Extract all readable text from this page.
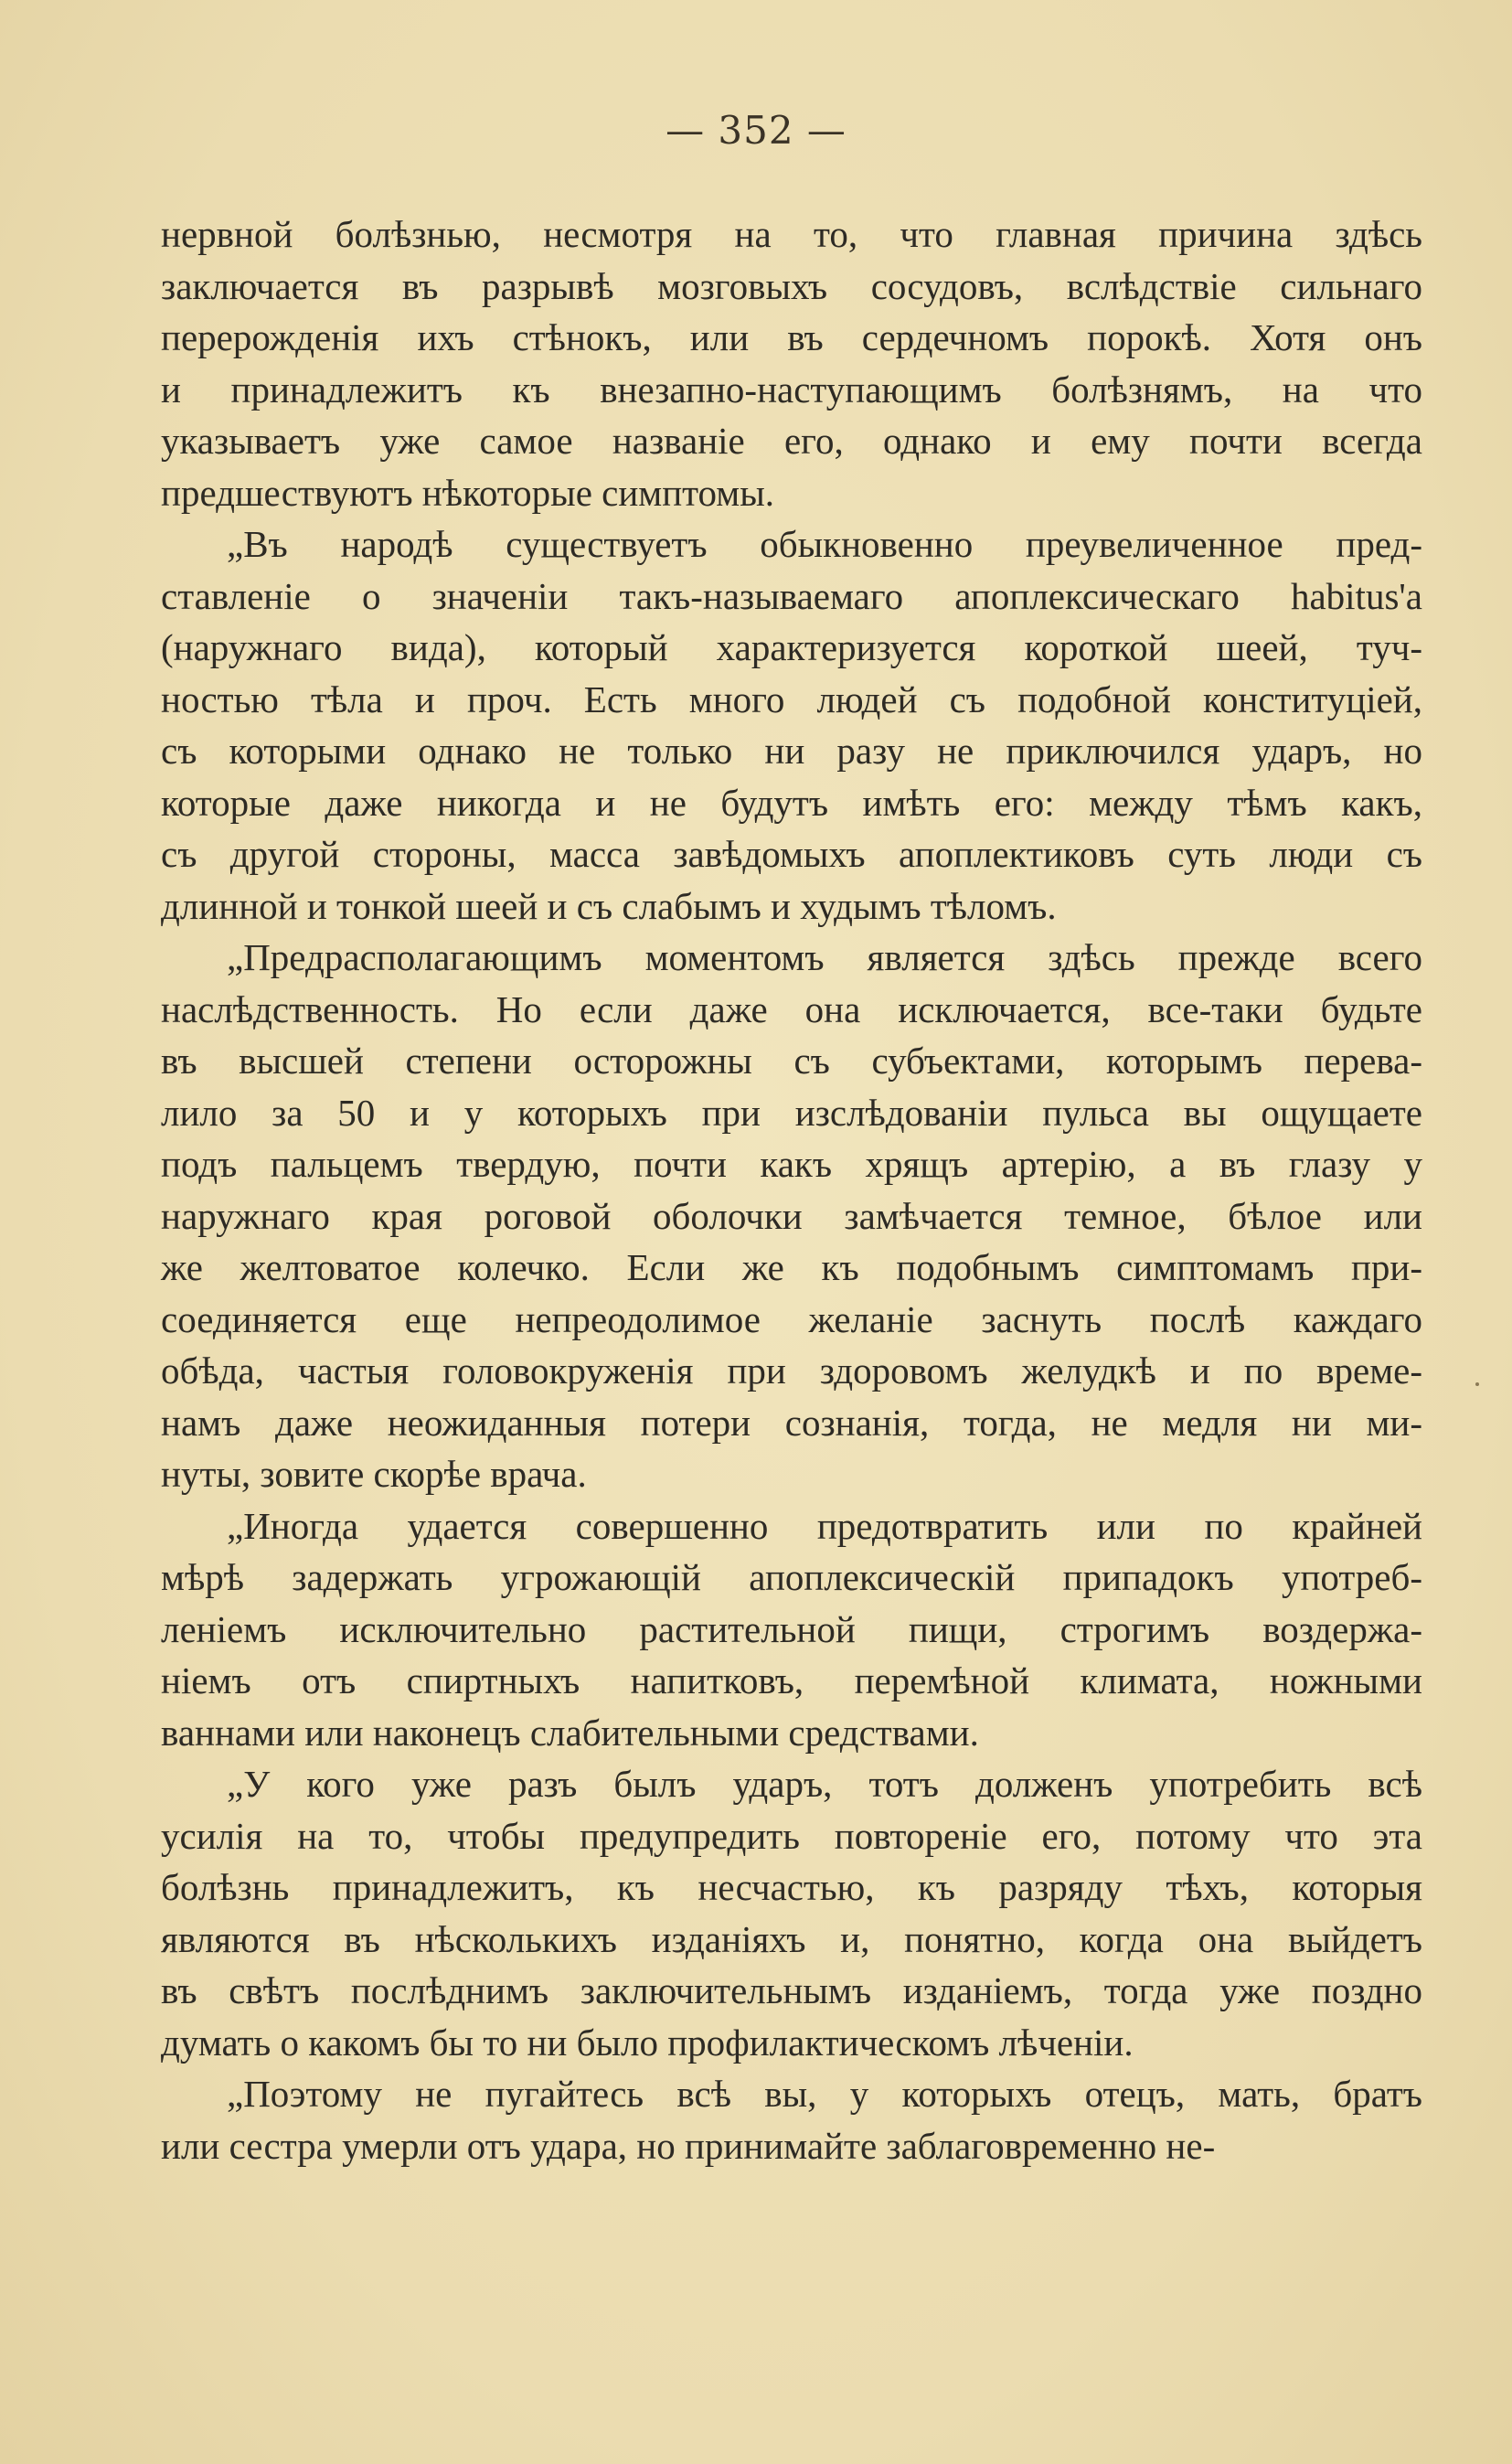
— 352 —
нервной болѣзнью, несмотря на то, что главная причина здѣсь
заключается въ разрывѣ мозговыхъ сосудовъ, вслѣдствіе сильнаго
перерожденія ихъ стѣнокъ, или въ сердечномъ порокѣ. Хотя онъ
и принадлежитъ къ внезапно-наступающимъ болѣзнямъ, на что
указываетъ уже самое названіе его, однако и ему почти всегда
предшествуютъ нѣкоторые симптомы.
„Въ народѣ существуетъ обыкновенно преувеличенное пред-
ставленіе о значеніи такъ-называемаго апоплексическаго habitus'а
(наружнаго вида), который характеризуется короткой шеей, туч-
ностью тѣла и проч. Есть много людей съ подобной конституціей,
съ которыми однако не только ни разу не приключился ударъ, но
которые даже никогда и не будутъ имѣть его: между тѣмъ какъ,
съ другой стороны, масса завѣдомыхъ апоплектиковъ суть люди съ
длинной и тонкой шеей и съ слабымъ и худымъ тѣломъ.
„Предрасполагающимъ моментомъ является здѣсь прежде всего
наслѣдственность. Но если даже она исключается, все-таки будьте
въ высшей степени осторожны съ субъектами, которымъ перева-
лило за 50 и у которыхъ при изслѣдованіи пульса вы ощущаете
подъ пальцемъ твердую, почти какъ хрящъ артерію, а въ глазу у
наружнаго края роговой оболочки замѣчается темное, бѣлое или
же желтоватое колечко. Если же къ подобнымъ симптомамъ при-
соединяется еще непреодолимое желаніе заснуть послѣ каждаго
обѣда, частыя головокруженія при здоровомъ желудкѣ и по време-
намъ даже неожиданныя потери сознанія, тогда, не медля ни ми-
нуты, зовите скорѣе врача.
„Иногда удается совершенно предотвратить или по крайней
мѣрѣ задержать угрожающій апоплексическій припадокъ употреб-
леніемъ исключительно растительной пищи, строгимъ воздержа-
ніемъ отъ спиртныхъ напитковъ, перемѣной климата, ножными
ваннами или наконецъ слабительными средствами.
„У кого уже разъ былъ ударъ, тотъ долженъ употребить всѣ
усилія на то, чтобы предупредить повтореніе его, потому что эта
болѣзнь принадлежитъ, къ несчастью, къ разряду тѣхъ, которыя
являются въ нѣсколькихъ изданіяхъ и, понятно, когда она выйдетъ
въ свѣтъ послѣднимъ заключительнымъ изданіемъ, тогда уже поздно
думать о какомъ бы то ни было профилактическомъ лѣченіи.
„Поэтому не пугайтесь всѣ вы, у которыхъ отецъ, мать, братъ
или сестра умерли отъ удара, но принимайте заблаговременно не-
